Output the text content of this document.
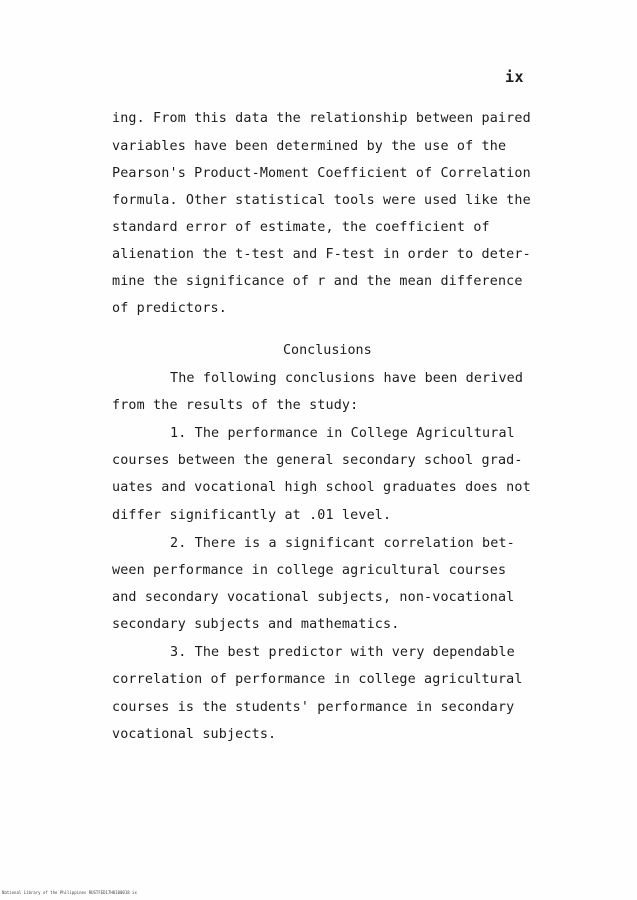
ix
ing. From this data the relationship between paired
variables have been determined by the use of the
Pearson's Product-Moment Coefficient of Correlation
formula. Other statistical tools were used like the
standard error of estimate, the coefficient of
alienation the t-test and F-test in order to deter-
mine the significance of r and the mean difference
of predictors.
Conclusions
The following conclusions have been derived
from the results of the study:
1. The performance in College Agricultural
courses between the general secondary school grad-
uates and vocational high school graduates does not
differ significantly at .01 level.
2. There is a significant correlation bet-
ween performance in college agricultural courses
and secondary vocational subjects, non-vocational
secondary subjects and mathematics.
3. The best predictor with very dependable
correlation of performance in college agricultural
courses is the students' performance in secondary
vocational subjects.
National Library of the Philippines RUSTFED17H0100018 ix
